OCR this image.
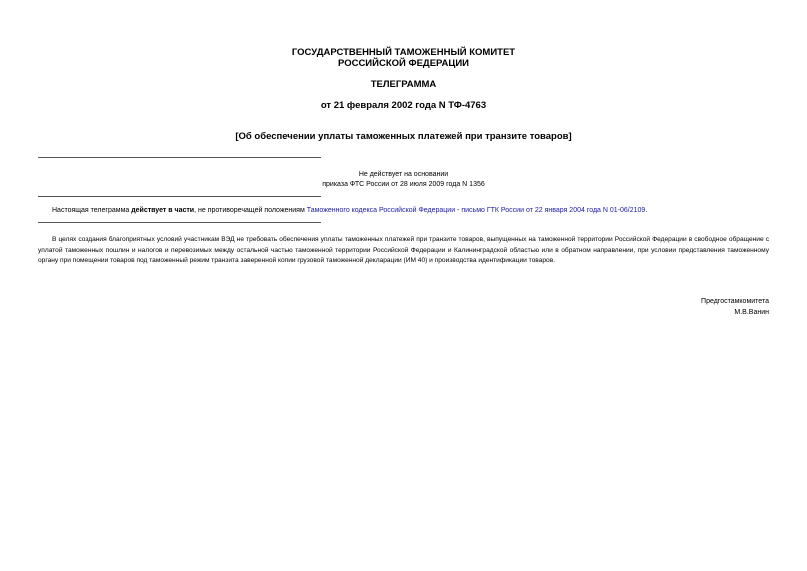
ГОСУДАРСТВЕННЫЙ ТАМОЖЕННЫЙ КОМИТЕТ
РОССИЙСКОЙ ФЕДЕРАЦИИ
ТЕЛЕГРАММА
от 21 февраля 2002 года N ТФ-4763
[Об обеспечении уплаты таможенных платежей при транзите товаров]
Не действует на основании
приказа ФТС России от 28 июля 2009 года N 1356
Настоящая телеграмма действует в части, не противоречащей положениям Таможенного кодекса Российской Федерации - письмо ГТК России от 22 января 2004 года N 01-06/2109.
В целях создания благоприятных условий участникам ВЭД не требовать обеспечения уплаты таможенных платежей при транзите товаров, выпущенных на таможенной территории Российской Федерации в свободное обращение с уплатой таможенных пошлин и налогов и перевозимых между остальной частью таможенной территории Российской Федерации и Калининградской областью или в обратном направлении, при условии представления таможенному органу при помещении товаров под таможенный режим транзита заверенной копии грузовой таможенной декларации (ИМ 40) и производства идентификации товаров.
Предгостамкомитета
М.В.Ванин
